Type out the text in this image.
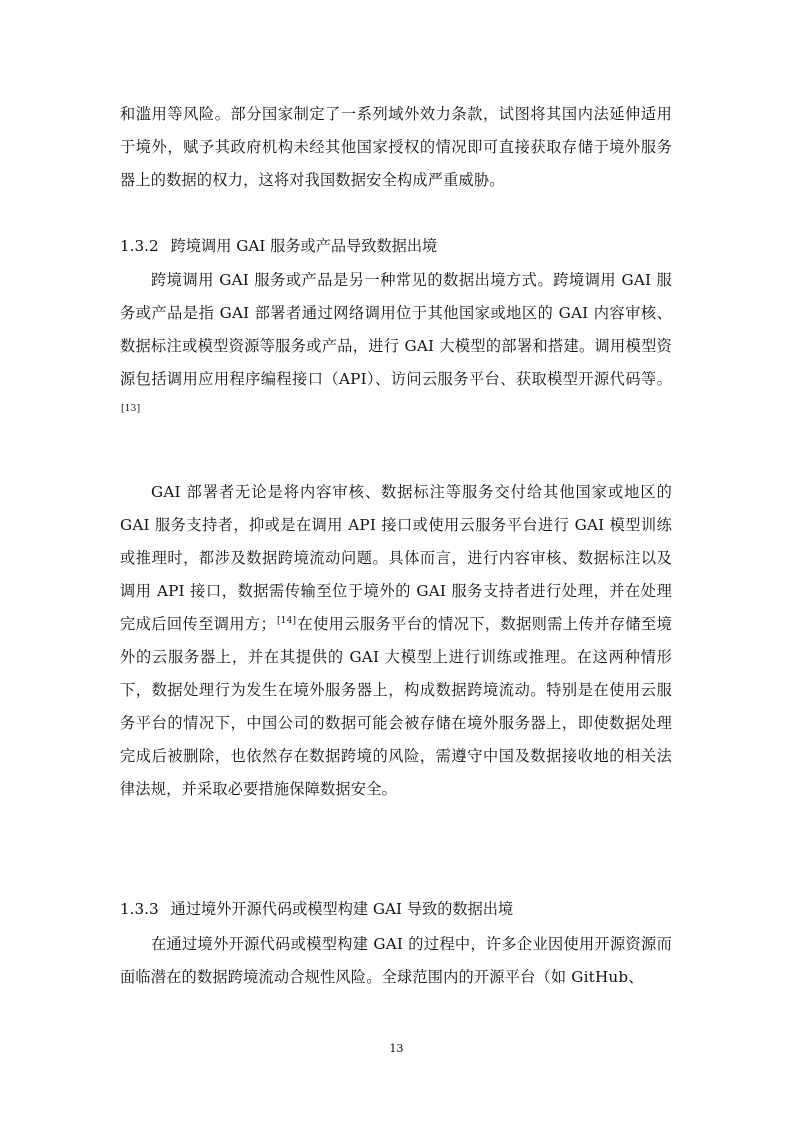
和滥用等风险。部分国家制定了一系列域外效力条款，试图将其国内法延伸适用于境外，赋予其政府机构未经其他国家授权的情况即可直接获取存储于境外服务器上的数据的权力，这将对我国数据安全构成严重威胁。

1.3.2 跨境调用 GAI 服务或产品导致数据出境

跨境调用 GAI 服务或产品是另一种常见的数据出境方式。跨境调用 GAI 服务或产品是指 GAI 部署者通过网络调用位于其他国家或地区的 GAI 内容审核、数据标注或模型资源等服务或产品，进行 GAI 大模型的部署和搭建。调用模型资源包括调用应用程序编程接口（API）、访问云服务平台、获取模型开源代码等。[13]

GAI 部署者无论是将内容审核、数据标注等服务交付给其他国家或地区的 GAI 服务支持者，抑或是在调用 API 接口或使用云服务平台进行 GAI 模型训练或推理时，都涉及数据跨境流动问题。具体而言，进行内容审核、数据标注以及调用 API 接口，数据需传输至位于境外的 GAI 服务支持者进行处理，并在处理完成后回传至调用方；[14]在使用云服务平台的情况下，数据则需上传并存储至境外的云服务器上，并在其提供的 GAI 大模型上进行训练或推理。在这两种情形下，数据处理行为发生在境外服务器上，构成数据跨境流动。特别是在使用云服务平台的情况下，中国公司的数据可能会被存储在境外服务器上，即使数据处理完成后被删除，也依然存在数据跨境的风险，需遵守中国及数据接收地的相关法律法规，并采取必要措施保障数据安全。

1.3.3 通过境外开源代码或模型构建 GAI 导致的数据出境

在通过境外开源代码或模型构建 GAI 的过程中，许多企业因使用开源资源而面临潜在的数据跨境流动合规性风险。全球范围内的开源平台（如 GitHub、

13
